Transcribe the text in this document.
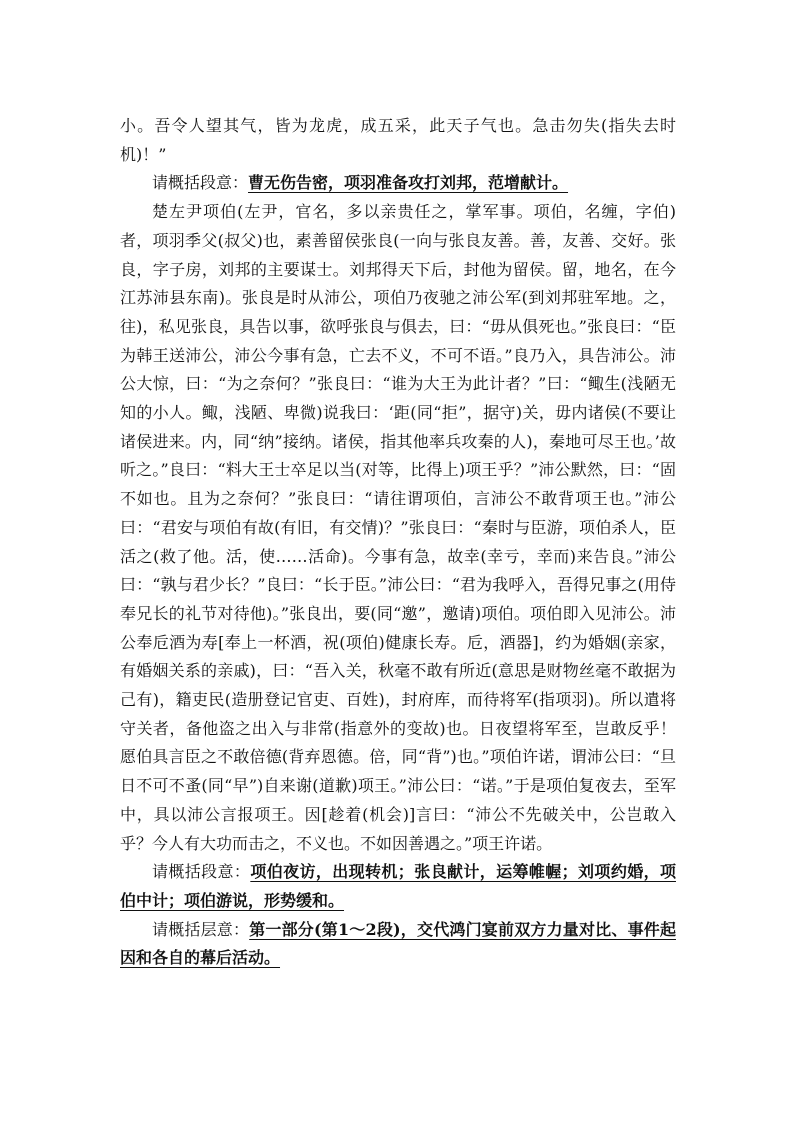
小。吾令人望其气，皆为龙虎，成五采，此天子气也。急击勿失(指失去时机)！”

请概括段意：曹无伤告密，项羽准备攻打刘邦，范增献计。

楚左尹项伯(左尹，官名，多以亲贵任之，掌军事。项伯，名缠，字伯)者，项羽季父(叔父)也，素善留侯张良(一向与张良友善。善，友善、交好。张良，字子房，刘邦的主要谋士。刘邦得天下后，封他为留侯。留，地名，在今江苏沛县东南)。张良是时从沛公，项伯乃夜驰之沛公军(到刘邦驻军地。之，往)，私见张良，具告以事，欲呼张良与俱去，曰：“毋从俱死也。”张良曰：“臣为韩王送沛公，沛公今事有急，亡去不义，不可不语。”良乃入，具告沛公。沛公大惊，曰：“为之奈何？”张良曰：“谁为大王为此计者？”曰：“鲰生(浅陋无知的小人。鲰，浅陋、卑微)说我曰：‘距(同“拒”，据守)关，毋内诸侯(不要让诸侯进来。内，同“纳”接纳。诸侯，指其他率兵攻秦的人)，秦地可尽王也。’故听之。”良曰：“料大王士卒足以当(对等，比得上)项王乎？”沛公默然，曰：“固不如也。且为之奈何？”张良曰：“请往谓项伯，言沛公不敢背项王也。”沛公曰：“君安与项伯有故(有旧，有交情)？”张良曰：“秦时与臣游，项伯杀人，臣活之(救了他。活，使……活命)。今事有急，故幸(幸亏，幸而)来告良。”沛公曰：“孰与君少长？”良曰：“长于臣。”沛公曰：“君为我呼入，吾得兄事之(用侍奉兄长的礼节对待他)。”张良出，要(同“邀”，邀请)项伯。项伯即入见沛公。沛公奉卮酒为寿[奉上一杯酒，祝(项伯)健康长寿。卮，酒器]，约为婚姻(亲家，有婚姻关系的亲戚)，曰：“吾入关，秋毫不敢有所近(意思是财物丝毫不敢据为己有)，籍吏民(造册登记官吏、百姓)，封府库，而待将军(指项羽)。所以遣将守关者，备他盗之出入与非常(指意外的变故)也。日夜望将军至，岂敢反乎！愿伯具言臣之不敢倍德(背弃恩德。倍，同“背”)也。”项伯许诺，谓沛公曰：“旦日不可不蚤(同“早”)自来谢(道歉)项王。”沛公曰：“诺。”于是项伯复夜去，至军中，具以沛公言报项王。因[趁着(机会)]言曰：“沛公不先破关中，公岂敢入乎？今人有大功而击之，不义也。不如因善遇之。”项王许诺。

请概括段意：项伯夜访，出现转机；张良献计，运筹帷幄；刘项约婚，项伯中计；项伯游说，形势缓和。

请概括层意：第一部分(第1～2段)，交代鸿门宴前双方力量对比、事件起因和各自的幕后活动。
